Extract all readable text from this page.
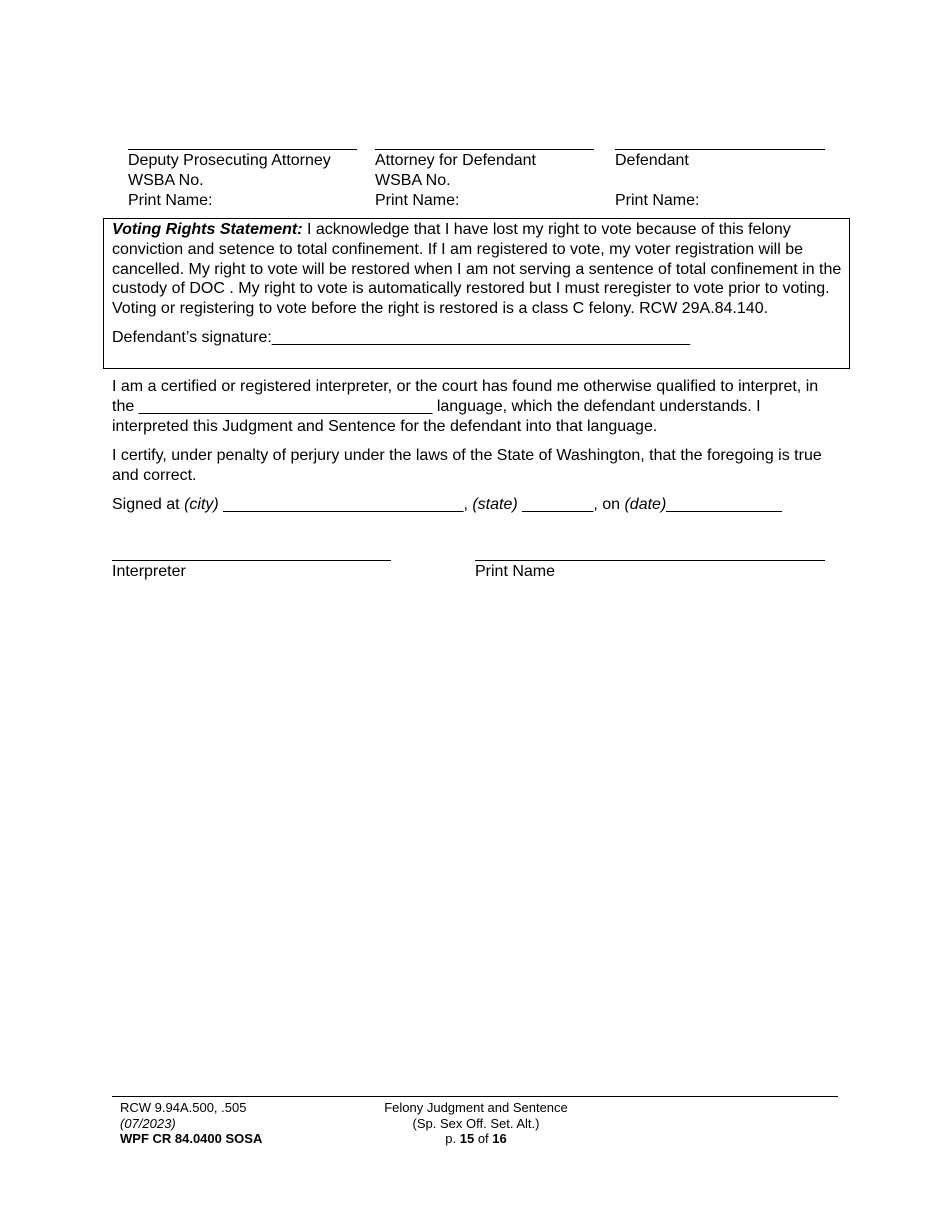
Deputy Prosecuting Attorney
WSBA No.
Print Name:
Attorney for Defendant
WSBA No.
Print Name:
Defendant
Print Name:
Voting Rights Statement: I acknowledge that I have lost my right to vote because of this felony conviction and setence to total confinement. If I am registered to vote, my voter registration will be cancelled. My right to vote will be restored when I am not serving a sentence of total confinement in the custody of DOC . My right to vote is automatically restored but I must reregister to vote prior to voting. Voting or registering to vote before the right is restored is a class C felony. RCW 29A.84.140.
Defendant’s signature:_______________________________________________
I am a certified or registered interpreter, or the court has found me otherwise qualified to interpret, in the _________________________________ language, which the defendant understands. I interpreted this Judgment and Sentence for the defendant into that language.
I certify, under penalty of perjury under the laws of the State of Washington, that the foregoing is true and correct.
Signed at (city) ___________________________, (state) ________, on (date)_____________
Interpreter	Print Name
RCW 9.94A.500, .505
(07/2023)
WPF CR 84.0400 SOSA
Felony Judgment and Sentence
(Sp. Sex Off. Set. Alt.)
p. 15 of 16
